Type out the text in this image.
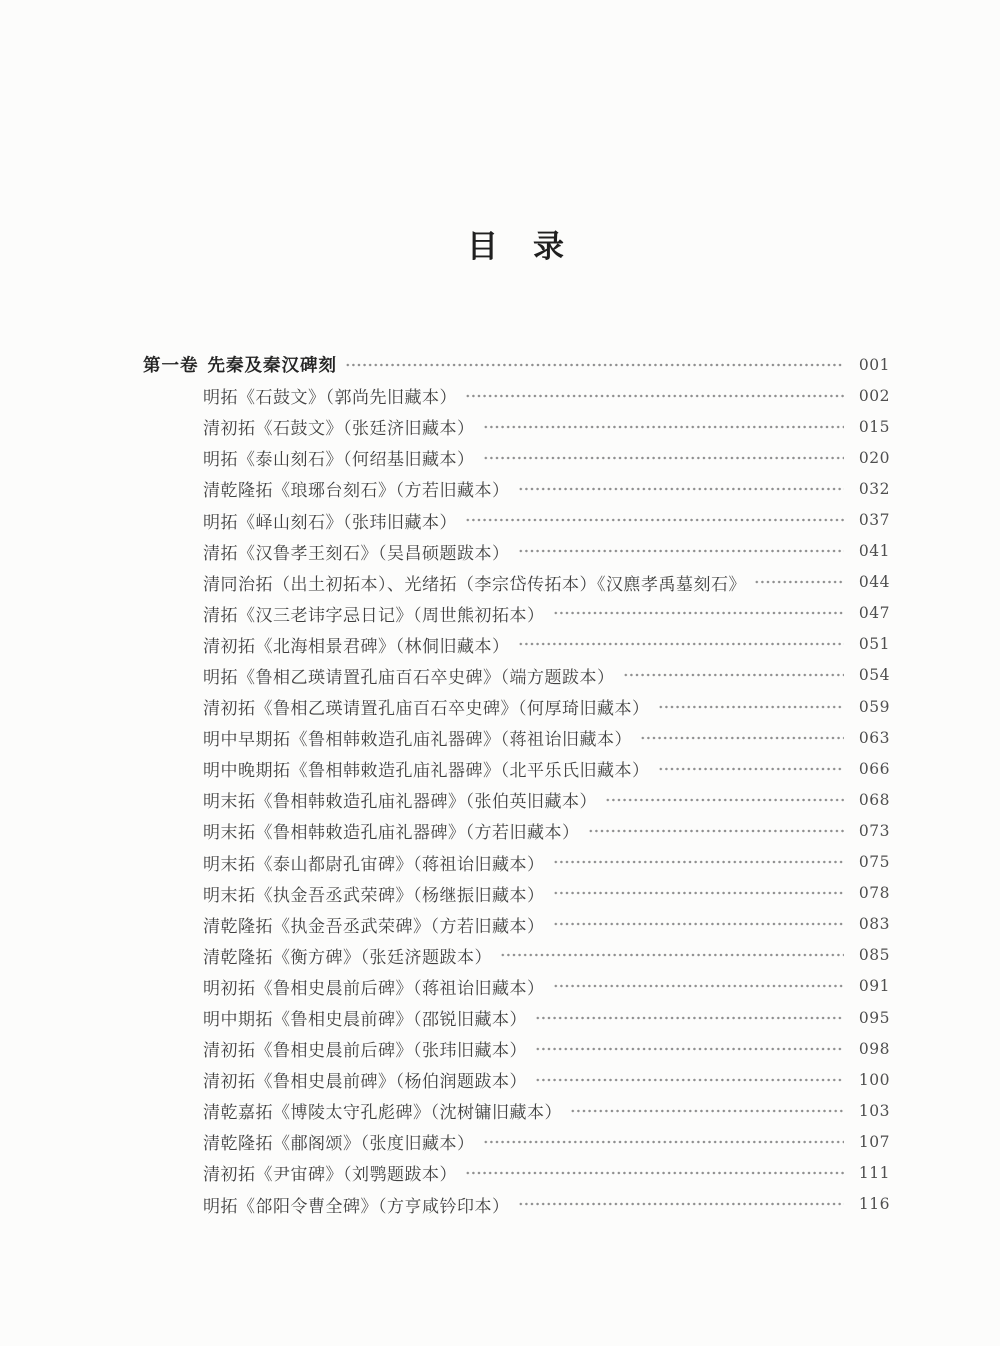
目　录
第一卷 先秦及秦汉碑刻	001
明拓《石鼓文》（郭尚先旧藏本）	002
清初拓《石鼓文》（张廷济旧藏本）	015
明拓《泰山刻石》（何绍基旧藏本）	020
清乾隆拓《琅琊台刻石》（方若旧藏本）	032
明拓《峄山刻石》（张玮旧藏本）	037
清拓《汉鲁孝王刻石》（吴昌硕题跋本）	041
清同治拓（出土初拓本）、光绪拓（李宗岱传拓本）《汉麃孝禹墓刻石》	044
清拓《汉三老讳字忌日记》（周世熊初拓本）	047
清初拓《北海相景君碑》（林侗旧藏本）	051
明拓《鲁相乙瑛请置孔庙百石卒史碑》（端方题跋本）	054
清初拓《鲁相乙瑛请置孔庙百石卒史碑》（何厚琦旧藏本）	059
明中早期拓《鲁相韩敕造孔庙礼器碑》（蒋祖诒旧藏本）	063
明中晚期拓《鲁相韩敕造孔庙礼器碑》（北平乐氏旧藏本）	066
明末拓《鲁相韩敕造孔庙礼器碑》（张伯英旧藏本）	068
明末拓《鲁相韩敕造孔庙礼器碑》（方若旧藏本）	073
明末拓《泰山都尉孔宙碑》（蒋祖诒旧藏本）	075
明末拓《执金吾丞武荣碑》（杨继振旧藏本）	078
清乾隆拓《执金吾丞武荣碑》（方若旧藏本）	083
清乾隆拓《衡方碑》（张廷济题跋本）	085
明初拓《鲁相史晨前后碑》（蒋祖诒旧藏本）	091
明中期拓《鲁相史晨前碑》（邵锐旧藏本）	095
清初拓《鲁相史晨前后碑》（张玮旧藏本）	098
清初拓《鲁相史晨前碑》（杨伯润题跋本）	100
清乾嘉拓《博陵太守孔彪碑》（沈树镛旧藏本）	103
清乾隆拓《郙阁颂》（张度旧藏本）	107
清初拓《尹宙碑》（刘鹗题跋本）	111
明拓《郃阳令曹全碑》（方亨咸钤印本）	116
